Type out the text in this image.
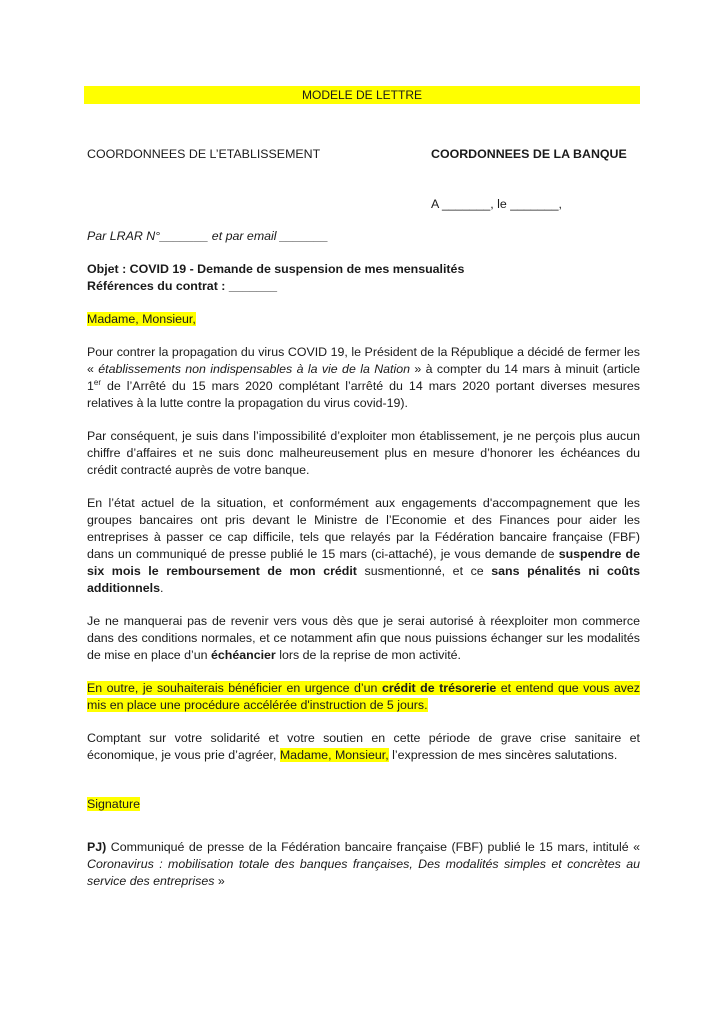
MODELE DE LETTRE
COORDONNEES DE L’ETABLISSEMENT	COORDONNEES DE LA BANQUE
A _______, le _______,
Par LRAR N°_______ et par email _______
Objet : COVID 19 - Demande de suspension de mes mensualités
Références du contrat : _______
Madame, Monsieur,
Pour contrer la propagation du virus COVID 19, le Président de la République a décidé de fermer les « établissements non indispensables à la vie de la Nation » à compter du 14 mars à minuit (article 1er de l’Arrêté du 15 mars 2020 complétant l’arrêté du 14 mars 2020 portant diverses mesures relatives à la lutte contre la propagation du virus covid-19).
Par conséquent, je suis dans l’impossibilité d’exploiter mon établissement, je ne perçois plus aucun chiffre d’affaires et ne suis donc malheureusement plus en mesure d’honorer les échéances du crédit contracté auprès de votre banque.
En l’état actuel de la situation, et conformément aux engagements d'accompagnement que les groupes bancaires ont pris devant le Ministre de l’Economie et des Finances pour aider les entreprises à passer ce cap difficile, tels que relayés par la Fédération bancaire française (FBF) dans un communiqué de presse publié le 15 mars (ci-attaché), je vous demande de suspendre de six mois le remboursement de mon crédit susmentionné, et ce sans pénalités ni coûts additionnels.
Je ne manquerai pas de revenir vers vous dès que je serai autorisé à réexploiter mon commerce dans des conditions normales, et ce notamment afin que nous puissions échanger sur les modalités de mise en place d’un échéancier lors de la reprise de mon activité.
En outre, je souhaiterais bénéficier en urgence d’un crédit de trésorerie et entend que vous avez mis en place une procédure accélérée d'instruction de 5 jours.
Comptant sur votre solidarité et votre soutien en cette période de grave crise sanitaire et économique, je vous prie d’agréer, Madame, Monsieur, l’expression de mes sincères salutations.
Signature
PJ) Communiqué de presse de la Fédération bancaire française (FBF) publié le 15 mars, intitulé « Coronavirus : mobilisation totale des banques françaises, Des modalités simples et concrètes au service des entreprises »
